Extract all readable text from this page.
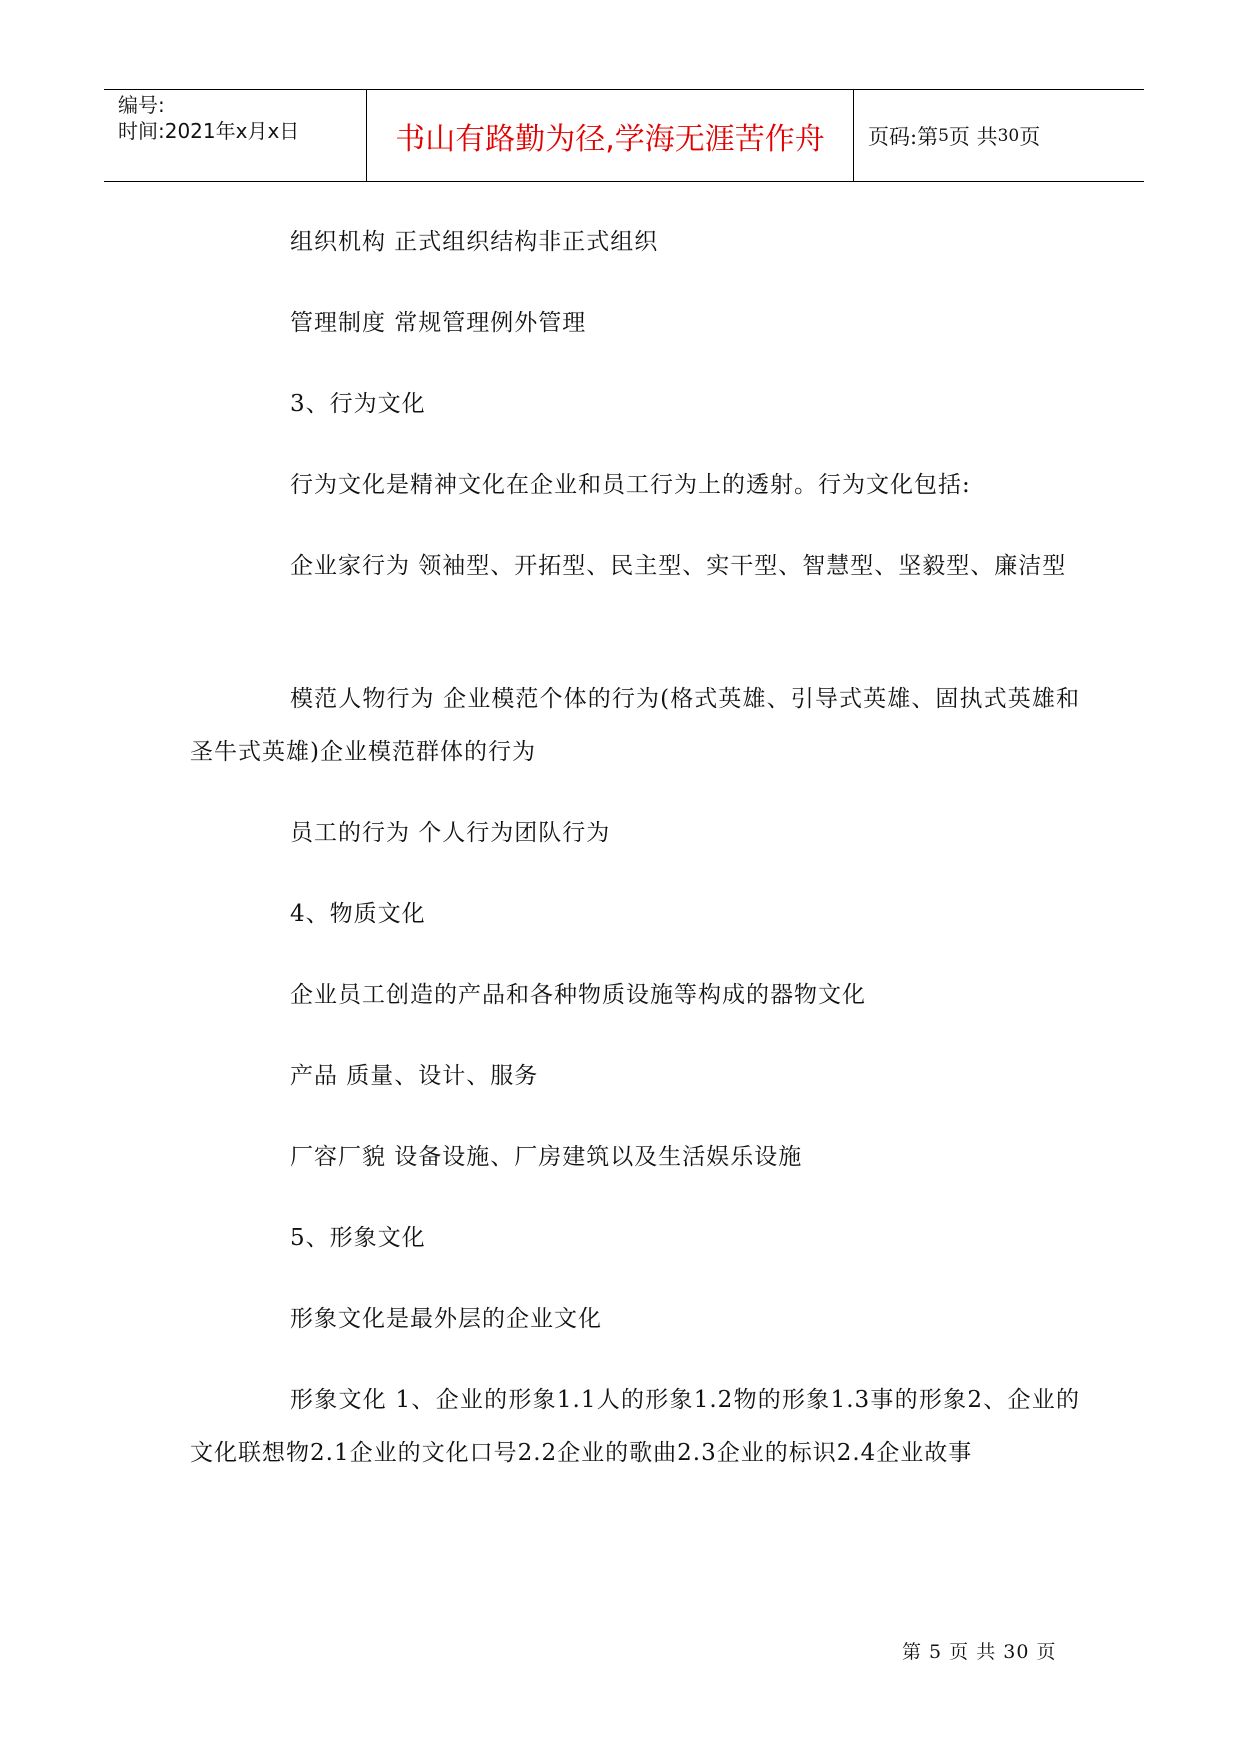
编号:
时间:2021年x月x日	书山有路勤为径,学海无涯苦作舟	页码:第 5 页 共 30 页

组织机构 正式组织结构非正式组织

管理制度 常规管理例外管理

3、行为文化

行为文化是精神文化在企业和员工行为上的透射。行为文化包括:

企业家行为 领袖型、开拓型、民主型、实干型、智慧型、坚毅型、廉洁型

模范人物行为 企业模范个体的行为(格式英雄、引导式英雄、固执式英雄和圣牛式英雄)企业模范群体的行为

员工的行为 个人行为团队行为

4、物质文化

企业员工创造的产品和各种物质设施等构成的器物文化

产品 质量、设计、服务

厂容厂貌 设备设施、厂房建筑以及生活娱乐设施

5、形象文化

形象文化是最外层的企业文化

形象文化 1、企业的形象1.1人的形象1.2物的形象1.3事的形象2、企业的文化联想物2.1企业的文化口号2.2企业的歌曲2.3企业的标识2.4企业故事

第 5 页 共 30 页
